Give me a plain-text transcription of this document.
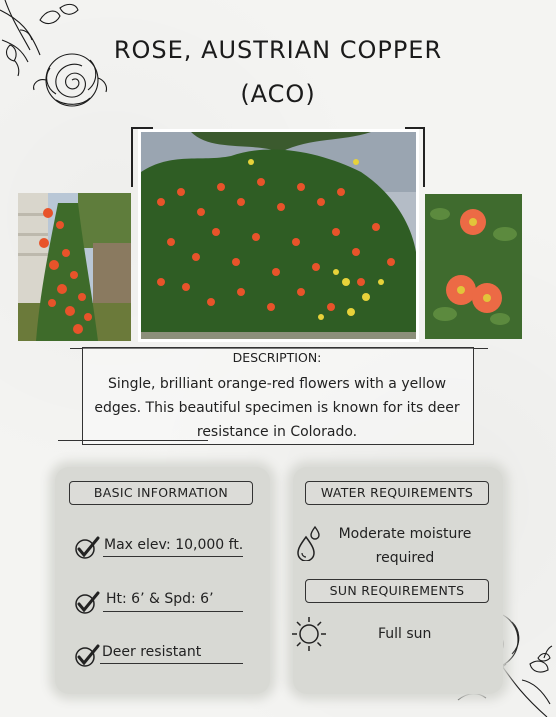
ROSE, AUSTRIAN COPPER
(ACO)
DESCRIPTION:
Single, brilliant orange-red flowers with a yellow edges. This beautiful specimen is known for its deer resistance in Colorado.
BASIC INFORMATION	WATER REQUIREMENTS
SUN REQUIREMENTS
Max elev: 10,000 ft.
Ht: 6’ & Spd: 6’
Deer resistant
Moderate moisture required
Full sun
